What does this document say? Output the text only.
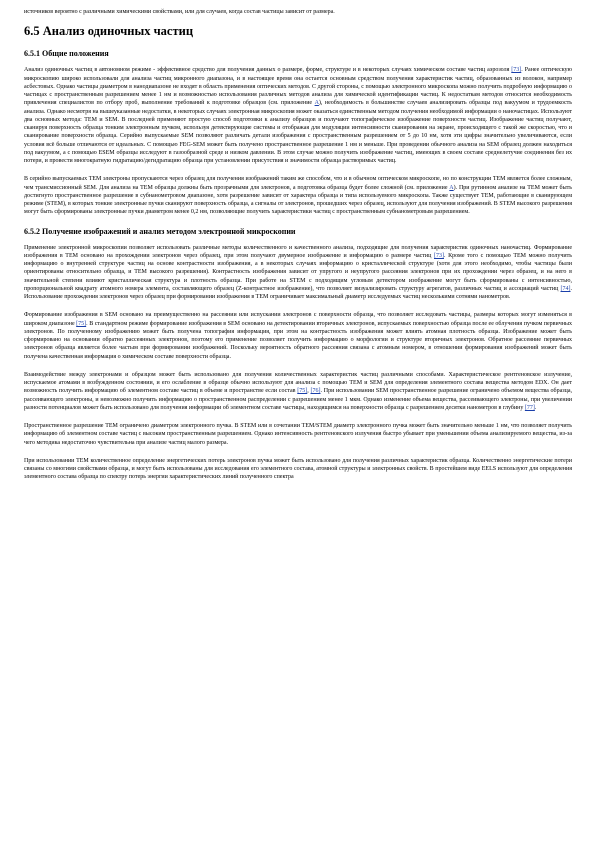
источников вероятно с различными химическими свойствами, или для случаев, когда состав частицы зависит от размера.

6.5 Анализ одиночных частиц
6.5.1 Общие положения

Анализ одиночных частиц в автономном режиме - эффективное средство для получения данных о размере, форме, структуре и в некоторых случаях химическом составе частиц аэрозоля [73]. Ранее оптическую микроскопию широко использовали для анализа частиц микронного диапазона, и в настоящее время она остается основным средством получения характеристик частиц, образованных из волокон, например асбестовых. Однако частицы диаметром в нанодиапазоне не входят в область применения оптических методов. С другой стороны, с помощью электронного микроскопа можно получить подробную информацию о частицах с пространственным разрешением менее 1 нм и возможностью использования различных методов анализа для химической идентификации частиц. К недостаткам методов относится необходимость привлечения специалистов по отбору проб, выполнение требований к подготовке образцов (см. приложение А), необходимость в большинстве случаев анализировать образцы под вакуумом и трудоемкость анализа. Однако несмотря на вышеуказанные недостатки, в некоторых случаях электронная микроскопия может оказаться единственным методом получения необходимой информации о наночастицах. Используют два основных метода: ТЕМ и SEM. В последней применяют простую способ подготовки к анализу образцов и получают топографическое изображение поверхности частиц. Изображение частиц получают, сканируя поверхность образца тонким электронным пучком, используя детектирующие системы и отображая для модуляции интенсивности сканирования на экране, происходящего с такой же скоростью, что и сканирование поверхности образца. Серийно выпускаемые SEM позволяют различать детали изображения с пространственным разрешением от 5 до 10 нм, хотя эти цифры значительно увеличиваются, если условия всё больше отличаются от идеальных. С помощью FEG-SEM может быть получено пространственное разрешение 1 нм и меньше. При проведении обычного анализа на SEM образец должен находиться под вакуумом, а с помощью ESEM образцы исследуют в газообразной среде и низком давлении. В этом случае можно получить изображение частиц, имеющих в своем составе среднелетучие соединения без их потери, и провести многократную гидратацию/дегидратацию образца при установлении присутствия и значимости образца растворимых частиц.

В серийно выпускаемых ТЕМ электроны пропускаются через образец для получения изображений таким же способом, что и в обычном оптическом микроскопе, но по конструкции ТЕМ является более сложным, чем трансмиссионный SEM. Для анализа на ТЕМ образцы должны быть прозрачными для электронов, а подготовка образца будет более сложной (см. приложение А). При рутинном анализе на ТЕМ может быть достигнуто пространственное разрешение в субнанометровом диапазоне, хотя разрешение зависит от характера образца и типа используемого микроскопа. Также существует ТЕМ, работающие в сканирующем режиме (STEM), в которых тонкие электронные пучки сканируют поверхность образца, а сигналы от электронов, прошедших через образец, используют для получения изображений. В STEM высокого разрешения могут быть сформированы электронные пучки диаметром менее 0,2 нм, позволяющие получить характеристики частиц с пространственным субнанометровым разрешением.

6.5.2 Получение изображений и анализ методом электронной микроскопии

Применение электронной микроскопии позволяет использовать различные методы количественного и качественного анализа, подходящие для получения характеристик одиночных наночастиц. Формирование изображения в ТЕМ основано на прохождении электронов через образец, при этом получают двумерное изображение и информацию о размере частиц [73]. Кроме того с помощью ТЕМ можно получить информацию о внутренней структуре частиц на основе контрастности изображения, а в некоторых случаях информацию о кристаллической структуре (хотя для этого необходимо, чтобы частицы были ориентированы относительно образца, и ТЕМ высокого разрешения). Контрастность изображения зависит от упругого и неупругого рассеяния электронов при их прохождении через образец, и на него в значительной степени влияют кристаллическая структура и плотность образца. При работе на STEM с подходящим угловым детектором изображение могут быть сформированы с интенсивностью, пропорциональной квадрату атомного номера элемента, составляющего образец (Z-контрастное изображение), что позволяет визуализировать структуру агрегатов, различных частиц и ассоциаций частиц [74]. Использование прохождения электронов через образец при формировании изображения в ТЕМ ограничивает максимальный диаметр исследуемых частиц несколькими сотнями нанометров.

Формирование изображения в SEM основано на преимущественно на рассеянии или испускании электронов с поверхности образца, что позволяет исследовать частицы, размеры которых могут изменяться в широком диапазоне [75]. В стандартном режиме формирование изображения в SEM основано на детектировании вторичных электронов, испускаемых поверхностью образца после ее облучения пучком первичных электронов. По полученному изображению может быть получена топография информация, при этом на контрастность изображения может влиять атомная плотность образца. Изображение может быть сформировано на основании обратно рассеянных электронов, поэтому его применение позволяет получить информацию о морфологии и структуре вторичных электронов. Обратное рассеяние первичных электронов образца является более частым при формировании изображений. Поскольку вероятность обратного рассеяния связана с атомным номером, в отношении формирования изображений может быть получена качественная информация о химическом составе поверхности образца.

Взаимодействие между электронами и образцом может быть использовано для получения количественных характеристик частиц различными способами. Характеристическое рентгеновское излучение, испускаемое атомами в возбужденном состоянии, и его ослабление в образце обычно используют для анализа с помощью ТЕМ и SEM для определения элементного состава вещества методом EDX. Он дает возможность получить информацию об элементном составе частиц в объеме и пространстве если состав [75], [76]. При использовании SEM пространственное разрешение ограничено объемом вещества образца, рассеивающего электроны, и невозможно получить информацию о пространственном распределении с разрешением менее 1 мкм. Однако изменение объема вещества, рассеивающего электроны, при увеличении разности потенциалов может быть использовано для получения информации об элементном составе частицы, находящимся на поверхности образца с разрешением десятки нанометров в глубину [77].

Пространственное разрешение ТЕМ ограничено диаметром электронного пучка. В STEM или в сочетании TEM/STEM диаметр электронного пучка может быть значительно меньше 1 нм, что позволяет получить информацию об элементном составе частиц с высоким пространственным разрешением. Однако интенсивность рентгеновского излучения быстро убывает при уменьшении объема анализируемого вещества, из-за чего методика недостаточно чувствительна при анализе частиц малого размера.

При использовании ТЕМ количественное определение энергетических потерь электронов пучка может быть использовано для получения различных характеристик образца. Количественно энергетические потери связаны со многими свойствами образца, и могут быть использованы для исследования его элементного состава, атомной структуры и электронных свойств. В простейшем виде EELS используют для определения элементного состава образца по спектру потерь энергии характеристических линий полученного спектра
